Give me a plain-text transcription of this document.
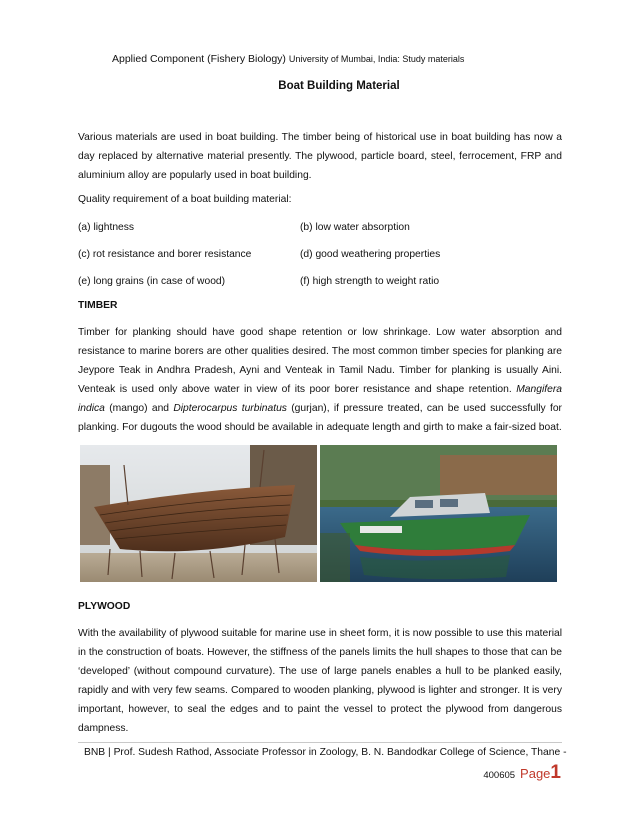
Applied Component (Fishery Biology) University of Mumbai, India: Study materials
Boat Building Material

Various materials are used in boat building. The timber being of historical use in boat building has now a day replaced by alternative material presently. The plywood, particle board, steel, ferrocement, FRP and aluminium alloy are popularly used in boat building.

Quality requirement of a boat building material:

(a) lightness	(b) low water absorption
(c) rot resistance and borer resistance	(d) good weathering properties
(e) long grains (in case of wood)	(f) high strength to weight ratio

TIMBER

Timber for planking should have good shape retention or low shrinkage. Low water absorption and resistance to marine borers are other qualities desired. The most common timber species for planking are Jeypore Teak in Andhra Pradesh, Ayni and Venteak in Tamil Nadu. Timber for planking is usually Aini. Venteak is used only above water in view of its poor borer resistance and shape retention. Mangifera indica (mango) and Dipterocarpus turbinatus (gurjan), if pressure treated, can be used successfully for planking. For dugouts the wood should be available in adequate length and girth to make a fair-sized boat.

PLYWOOD

With the availability of plywood suitable for marine use in sheet form, it is now possible to use this material in the construction of boats. However, the stiffness of the panels limits the hull shapes to those that can be ‘developed’ (without compound curvature). The use of large panels enables a hull to be planked easily, rapidly and with very few seams. Compared to wooden planking, plywood is lighter and stronger. It is very important, however, to seal the edges and to paint the vessel to protect the plywood from dangerous dampness.

BNB | Prof. Sudesh Rathod, Associate Professor in Zoology, B. N. Bandodkar College of Science, Thane -
400605 Page1
